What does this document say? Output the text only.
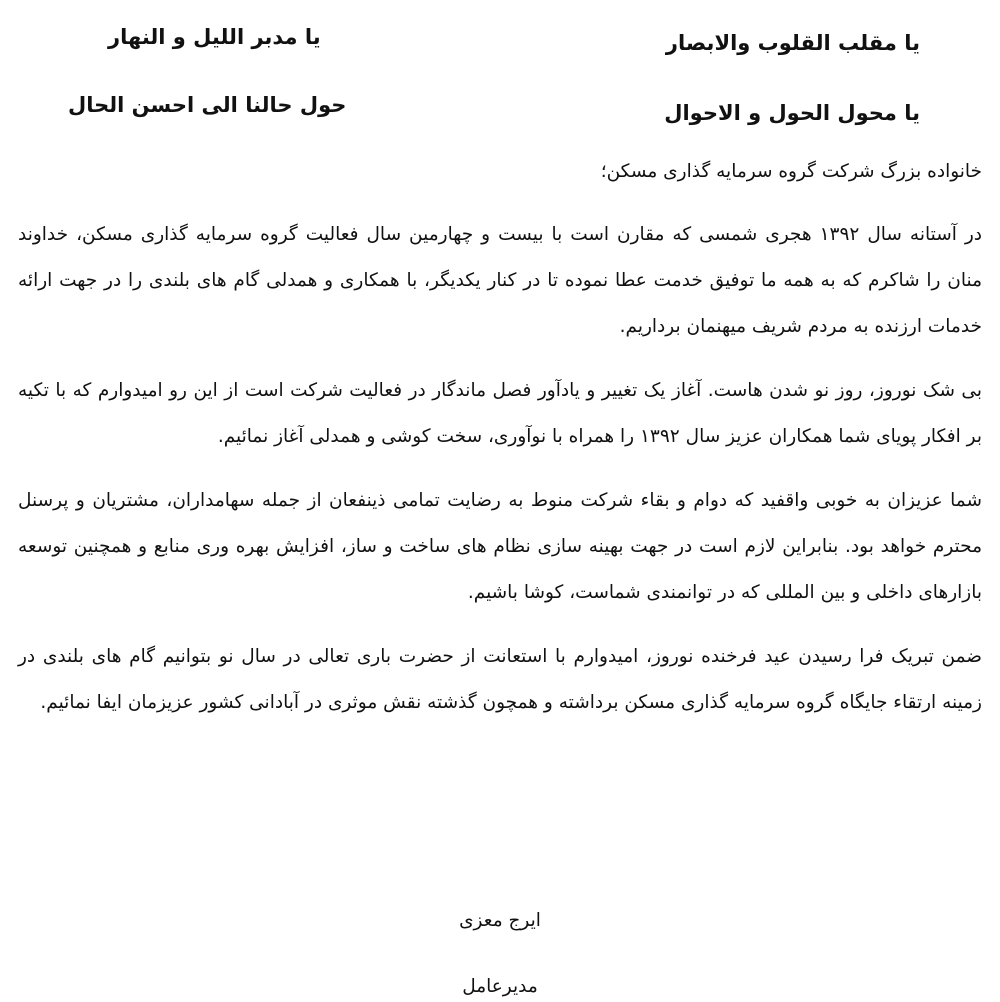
یا مقلب القلوب والابصار

یا محول الحول و الاحوال

یا مدبر اللیل و النهار

حول حالنا الی احسن الحال

خانواده بزرگ شرکت گروه سرمایه گذاری مسکن؛

در آستانه سال ۱۳۹۲ هجری شمسی که مقارن است با بیست و چهارمین سال فعالیت گروه سرمایه گذاری مسکن، خداوند منان را شاکرم که به همه ما توفیق خدمت عطا نموده تا در کنار یکدیگر، با همکاری و همدلی گام های بلندی را در جهت ارائه خدمات ارزنده به مردم شریف میهنمان برداریم.

بی شک نوروز، روز نو شدن هاست. آغاز یک تغییر و یادآور فصل ماندگار در فعالیت شرکت است از این رو امیدوارم که با تکیه بر افکار پویای شما همکاران عزیز سال ۱۳۹۲ را همراه با نوآوری، سخت کوشی و همدلی آغاز نمائیم.

شما عزیزان به خوبی واقفید که دوام و بقاء شرکت منوط به رضایت تمامی ذینفعان از جمله سهامداران، مشتریان و پرسنل محترم خواهد بود. بنابراین لازم است در جهت بهینه سازی نظام های ساخت و ساز، افزایش بهره وری منابع و همچنین توسعه بازارهای داخلی و بین المللی که در توانمندی شماست، کوشا باشیم.

ضمن تبریک فرا رسیدن عید فرخنده نوروز، امیدوارم با استعانت از حضرت باری تعالی در سال نو بتوانیم گام های بلندی در زمینه ارتقاء جایگاه گروه سرمایه گذاری مسکن برداشته و همچون گذشته نقش موثری در آبادانی کشور عزیزمان ایفا نمائیم.

ایرج معزی

مدیرعامل
